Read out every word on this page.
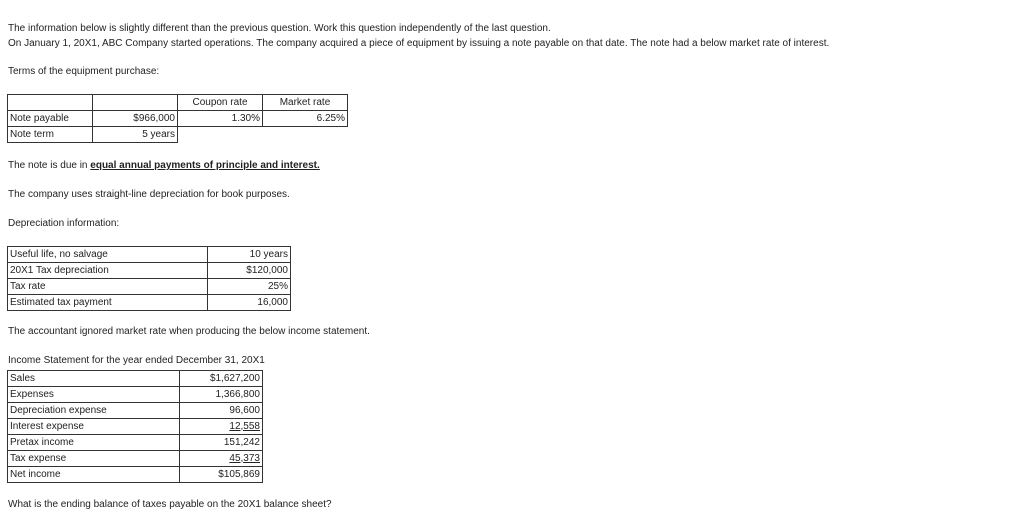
The information below is slightly different than the previous question. Work this question independently of the last question.
On January 1, 20X1, ABC Company started operations. The company acquired a piece of equipment by issuing a note payable on that date. The note had a below market rate of interest.
Terms of the equipment purchase:
		Coupon rate	Market rate
Note payable	$966,000	1.30%	6.25%
Note term	5 years		
The note is due in equal annual payments of principle and interest.
The company uses straight-line depreciation for book purposes.
Depreciation information:
Useful life, no salvage	10 years
20X1 Tax depreciation	$120,000
Tax rate	25%
Estimated tax payment	16,000
The accountant ignored market rate when producing the below income statement.
Income Statement for the year ended December 31, 20X1
Sales	$1,627,200
Expenses	1,366,800
Depreciation expense	96,600
Interest expense	12,558
Pretax income	151,242
Tax expense	45,373
Net income	$105,869
What is the ending balance of taxes payable on the 20X1 balance sheet?
